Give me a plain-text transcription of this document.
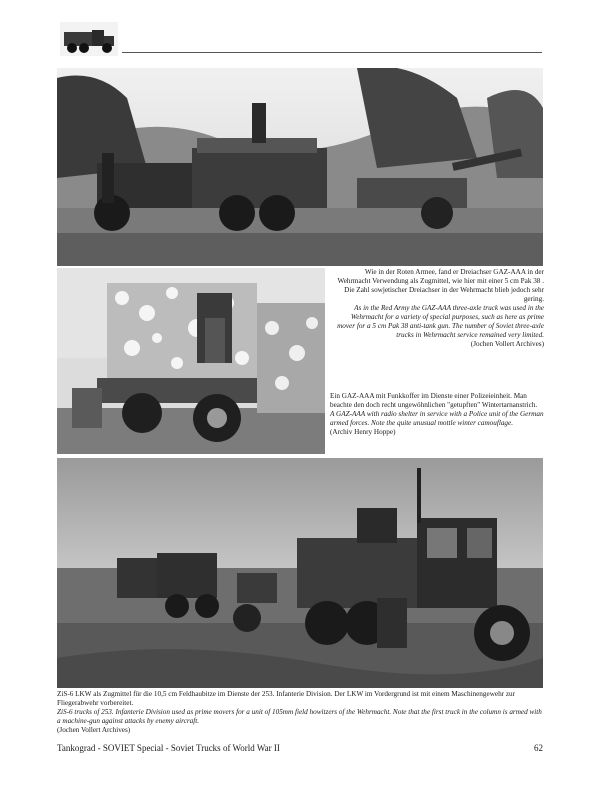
Wie in der Roten Armee, fand er Dreiachser GAZ-AAA in der Wehrmacht Verwendung als Zugmittel, wie hier mit einer 5 cm Pak 38 . Die Zahl sowjetischer Dreiachser in der Wehrmacht blieb jedoch sehr gering.

As in the Red Army the GAZ-AAA three-axle truck was used in the Wehrmacht for a variety of special purposes, such as here as prime mover for a 5 cm Pak 38 anti-tank gun. The number of Soviet three-axle trucks in Wehrmacht service remained very limited.

(Jochen Vollert Archives)

Ein GAZ-AAA mit Funkkoffer im Dienste einer Polizeieinheit. Man beachte den doch recht ungewöhnlichen "getupften" Wintertarnanstrich.

A GAZ-AAA with radio shelter in service with a Police unit of the German armed forces. Note the quite unusual mottle winter camouflage.

(Archiv Henry Hoppe)

ZiS-6 LKW als Zugmittel für die 10,5 cm Feldhaubitze im Dienste der 253. Infanterie Division. Der LKW im Vordergrund ist mit einem Maschinengewehr zur Fliegerabwehr vorbereitet.

ZiS-6 trucks of 253. Infanterie Division used as prime movers for a unit of 105mm field howitzers of the Wehrmacht. Note that the first truck in the column is armed with a machine-gun against attacks by enemy aircraft.

(Jochen Vollert Archives)

Tankograd - SOVIET Special - Soviet Trucks of World War II	62
